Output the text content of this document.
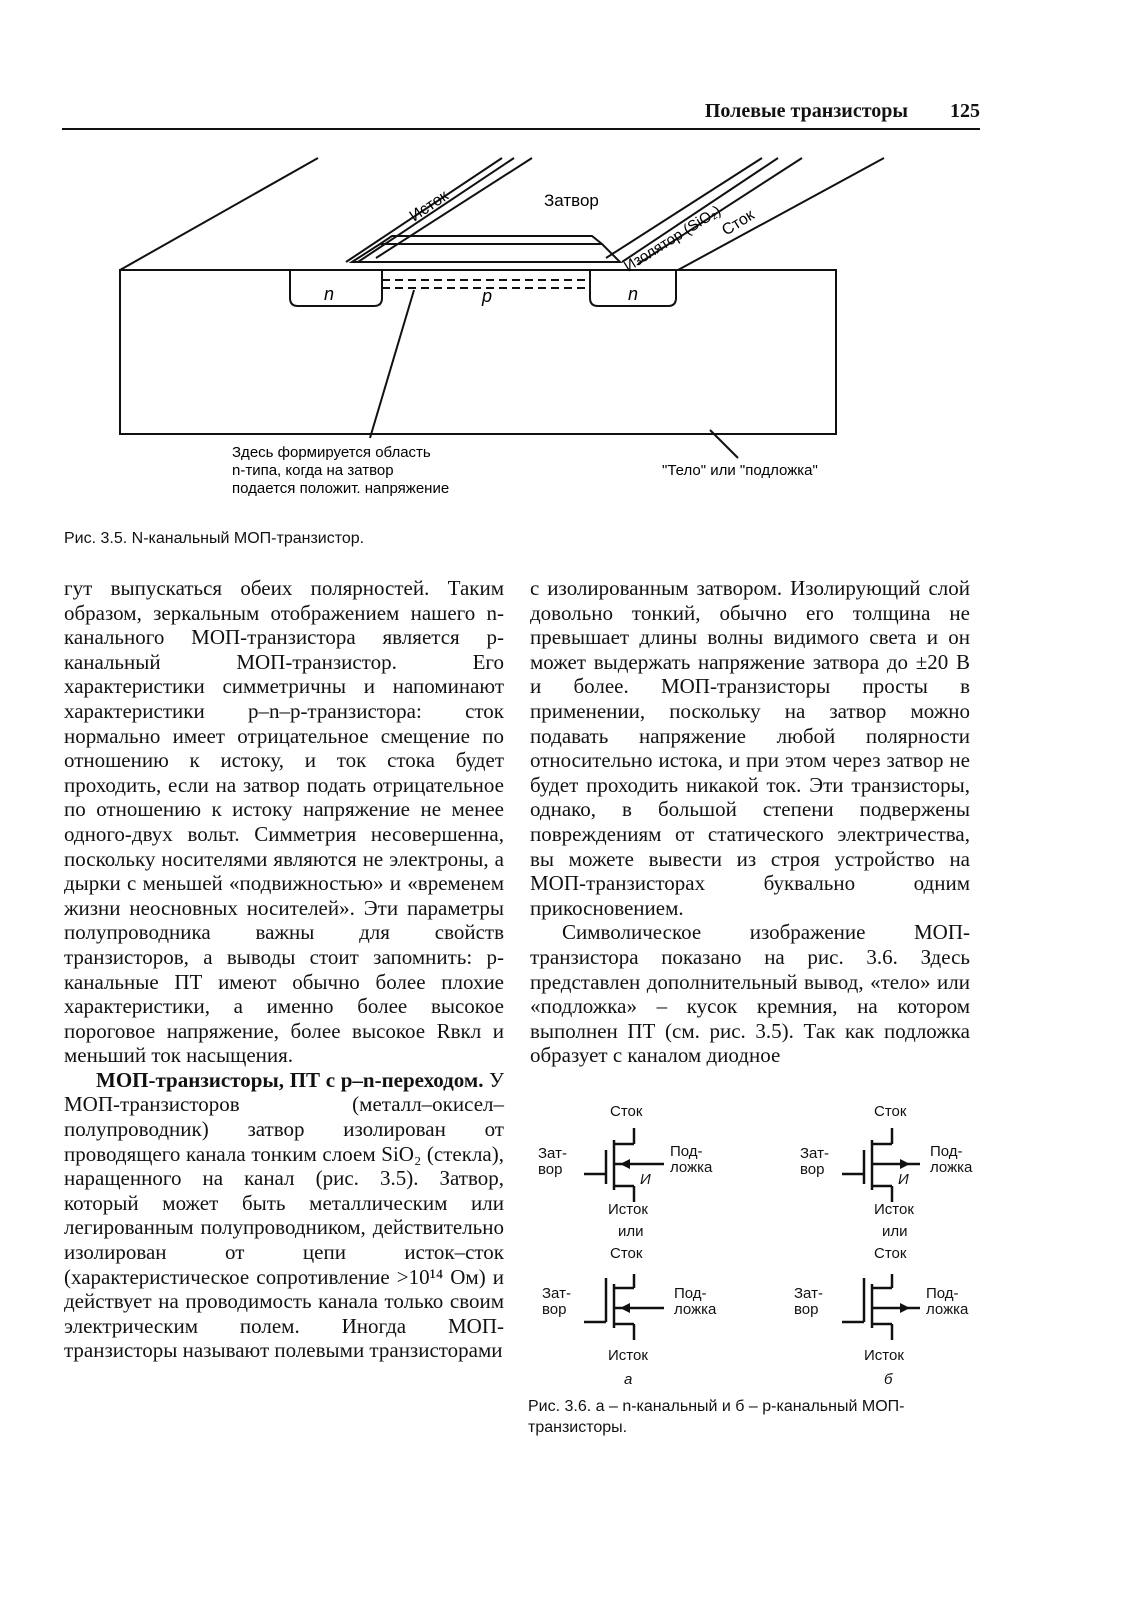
Полевые транзисторы 125
n	p	n
Затвор
Исток	Изолятор (SiO₂)
Сток
Здесь формируется область
n-типа, когда на затвор
подается положит. напряжение
"Тело" или "подложка"
Рис. 3.5. N-канальный МОП-транзистор.

гут выпускаться обеих полярностей. Таким образом, зеркальным отображением нашего n-канального МОП-транзистора является p-канальный МОП-транзистор. Его характеристики симметричны и напоминают характеристики p–n–p-транзистора: сток нормально имеет отрицательное смещение по отношению к истоку, и ток стока будет проходить, если на затвор подать отрицательное по отношению к истоку напряжение не менее одного-двух вольт. Симметрия несовершенна, поскольку носителями являются не электроны, а дырки с меньшей «подвижностью» и «временем жизни неосновных носителей». Эти параметры полупроводника важны для свойств транзисторов, а выводы стоит запомнить: p-канальные ПТ имеют обычно более плохие характеристики, а именно более высокое пороговое напряжение, более высокое Rвкл и меньший ток насыщения.

МОП-транзисторы, ПТ с p–n-переходом. У МОП-транзисторов (металл–окисел–полупроводник) затвор изолирован от проводящего канала тонким слоем SiO₂ (стекла), наращенного на канал (рис. 3.5). Затвор, который может быть металлическим или легированным полупроводником, действительно изолирован от цепи исток–сток (характеристическое сопротивление >10¹⁴ Ом) и действует на проводимость канала только своим электрическим полем. Иногда МОП-транзисторы называют полевыми транзисторами

с изолированным затвором. Изолирующий слой довольно тонкий, обычно его толщина не превышает длины волны видимого света и он может выдержать напряжение затвора до ±20 В и более. МОП-транзисторы просты в применении, поскольку на затвор можно подавать напряжение любой полярности относительно истока, и при этом через затвор не будет проходить никакой ток. Эти транзисторы, однако, в большой степени подвержены повреждениям от статического электричества, вы можете вывести из строя устройство на МОП-транзисторах буквально одним прикосновением.

Символическое изображение МОП-транзистора показано на рис. 3.6. Здесь представлен дополнительный вывод, «тело» или «подложка» – кусок кремния, на котором выполнен ПТ (см. рис. 3.5). Так как подложка образует с каналом диодное

Сток	Сток
Зат-
вор
Зат-
вор
Под-
ложка
Под-
ложка
И	И
Исток	Исток
или	или
Сток	Сток
Зат-
вор
Зат-
вор
Под-
ложка
Под-
ложка
Исток	Исток
а	б
Рис. 3.6. а – n-канальный и б – p-канальный МОП-транзисторы.
